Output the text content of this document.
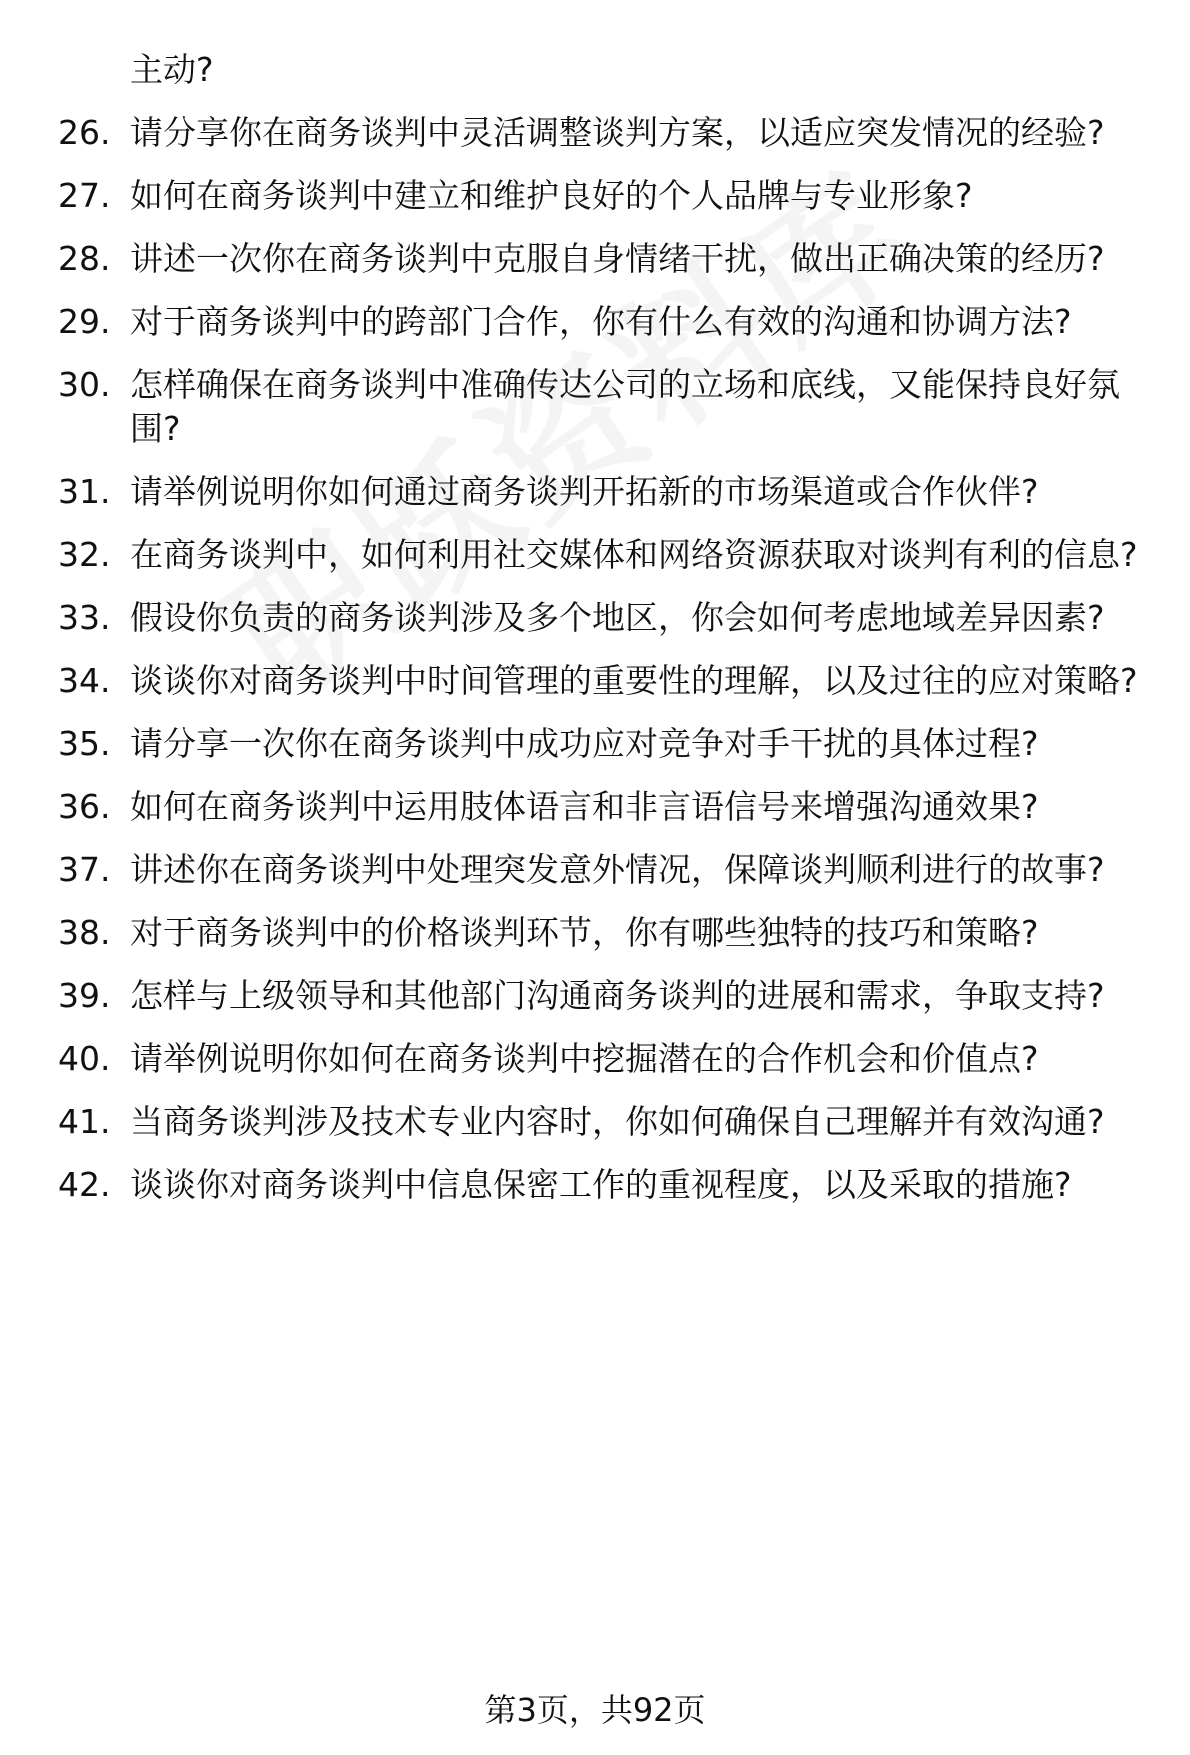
主动?
26. 请分享你在商务谈判中灵活调整谈判方案，以适应突发情况的经验?
27. 如何在商务谈判中建立和维护良好的个人品牌与专业形象?
28. 讲述一次你在商务谈判中克服自身情绪干扰，做出正确决策的经历?
29. 对于商务谈判中的跨部门合作，你有什么有效的沟通和协调方法?
30. 怎样确保在商务谈判中准确传达公司的立场和底线，又能保持良好氛围?
31. 请举例说明你如何通过商务谈判开拓新的市场渠道或合作伙伴?
32. 在商务谈判中，如何利用社交媒体和网络资源获取对谈判有利的信息?
33. 假设你负责的商务谈判涉及多个地区，你会如何考虑地域差异因素?
34. 谈谈你对商务谈判中时间管理的重要性的理解，以及过往的应对策略?
35. 请分享一次你在商务谈判中成功应对竞争对手干扰的具体过程?
36. 如何在商务谈判中运用肢体语言和非言语信号来增强沟通效果?
37. 讲述你在商务谈判中处理突发意外情况，保障谈判顺利进行的故事?
38. 对于商务谈判中的价格谈判环节，你有哪些独特的技巧和策略?
39. 怎样与上级领导和其他部门沟通商务谈判的进展和需求，争取支持?
40. 请举例说明你如何在商务谈判中挖掘潜在的合作机会和价值点?
41. 当商务谈判涉及技术专业内容时，你如何确保自己理解并有效沟通?
42. 谈谈你对商务谈判中信息保密工作的重视程度，以及采取的措施?
第3页，共92页
